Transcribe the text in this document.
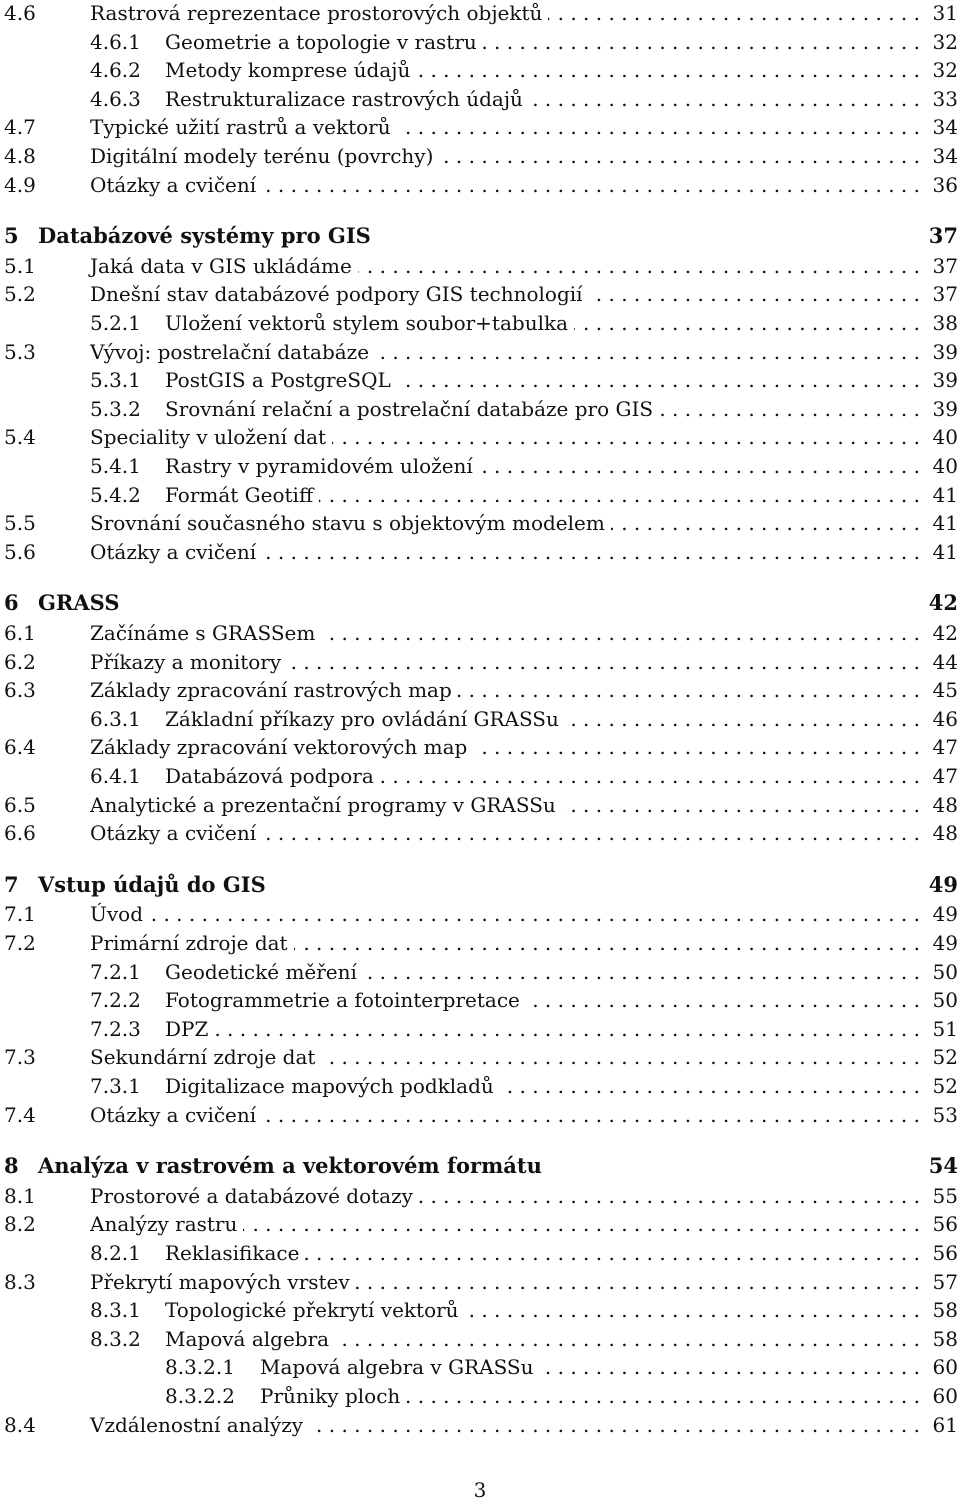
4.6 . . .	Rastrová reprezentace prostorových objektů	31
4.6.1 . . . Geometrie a topologie v rastru	32
4.6.2 . . . Metody komprese údajů	32
4.6.3 . . . Restrukturalizace rastrových údajů	33
4.7 . . .	Typické užití rastrů a vektorů	34
4.8 . . .	Digitální modely terénu (povrchy)	34
4.9 . . .	Otázky a cvičení	36
5 Databázové systémy pro GIS	37
5.1 . . .	Jaká data v GIS ukládáme	37
5.2 . . .	Dnešní stav databázové podpory GIS technologií	37
5.2.1 . . . Uložení vektorů stylem soubor+tabulka	38
5.3 . . .	Vývoj: postrelační databáze	39
5.3.1 . . . PostGIS a PostgreSQL	39
5.3.2 . . . Srovnání relační a postrelační databáze pro GIS	39
5.4 . . .	Speciality v uložení dat	40
5.4.1 . . . Rastry v pyramidovém uložení	40
5.4.2 . . . Formát Geotiff	41
5.5 . . .	Srovnání současného stavu s objektovým modelem	41
5.6 . . .	Otázky a cvičení	41
6 GRASS	42
6.1 . . .	Začínáme s GRASSem	42
6.2 . . .	Příkazy a monitory	44
6.3 . . .	Základy zpracování rastrových map	45
6.3.1 . . . Základní příkazy pro ovládání GRASSu	46
6.4 . . .	Základy zpracování vektorových map	47
6.4.1 . . . Databázová podpora	47
6.5 . . .	Analytické a prezentační programy v GRASSu	48
6.6 . . .	Otázky a cvičení	48
7 Vstup údajů do GIS	49
7.1 . . .	Úvod	49
7.2 . . .	Primární zdroje dat	49
7.2.1 . . . Geodetické měření	50
7.2.2 . . . Fotogrammetrie a fotointerpretace	50
7.2.3 . . . DPZ	51
7.3 . . .	Sekundární zdroje dat	52
7.3.1 . . . Digitalizace mapových podkladů	52
7.4 . . .	Otázky a cvičení	53
8 Analýza v rastrovém a vektorovém formátu	54
8.1 . . .	Prostorové a databázové dotazy	55
8.2 . . .	Analýzy rastru	56
8.2.1 . . . Reklasifikace	56
8.3 . . .	Překrytí mapových vrstev	57
8.3.1 . . . Topologické překrytí vektorů	58
8.3.2 . . . Mapová algebra	58
8.3.2.1 . . . Mapová algebra v GRASSu	60
8.3.2.2 . . . Průniky ploch	60
8.4 . . .	Vzdálenostní analýzy	61
3
